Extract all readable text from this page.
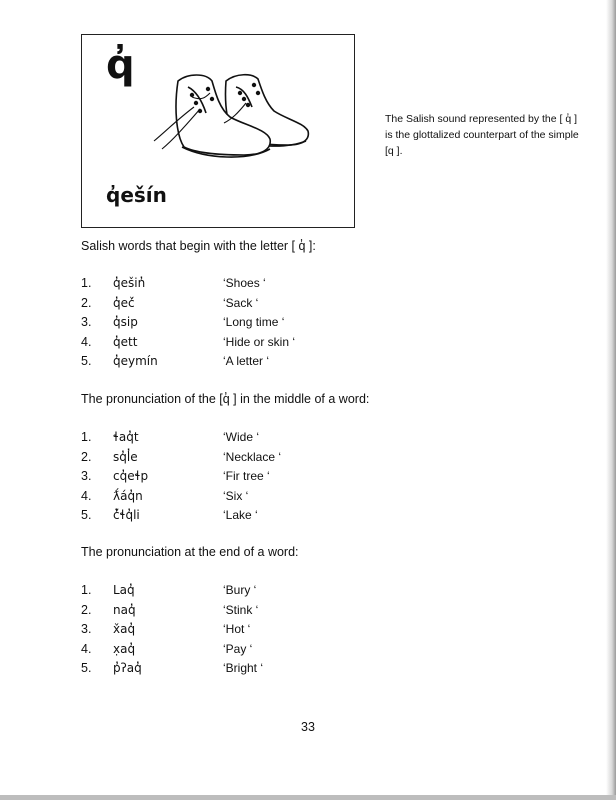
q̓
q̓ešín
The Salish sound represented by the [ q̓ ] is the glottalized counterpart of the simple [q ].
Salish words that begin with the letter [ q̓ ]:
1. q̓ešin̓	‘Shoes ‘
2. q̓eč́	‘Sack ‘
3. q̓sip	‘Long time ‘
4. q̓ett	‘Hide or skin ‘
5. q̓eymín	‘A letter ‘
The pronunciation of the [q̓ ] in the middle of a word:
1. ɬaq̓t	‘Wide ‘
2. sq̓l̓e	‘Necklace ‘
3. cq̓eɬp	‘Fir tree ‘
4. ƛ́áq̓n	‘Six ‘
5. č̓ɬq̓li	‘Lake ‘
The pronunciation at the end of a word:
1. Laq̓	‘Bury ‘
2. naq̓	‘Stink ‘
3. x̌aq̓	‘Hot ‘
4. x̣aq̓	‘Pay ‘
5. p̓ʔaq̓	‘Bright ‘
33
